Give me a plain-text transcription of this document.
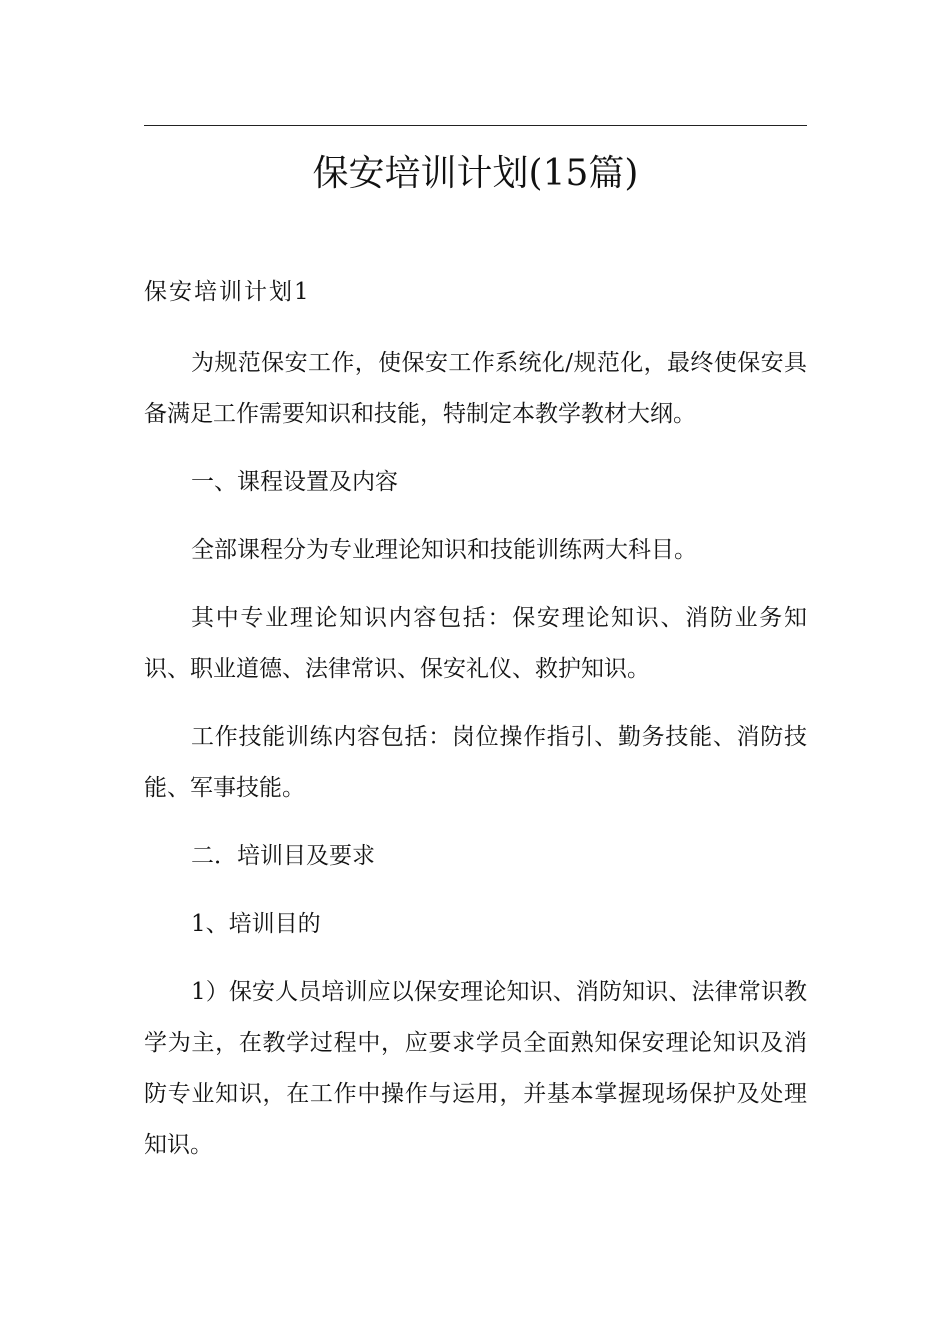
保安培训计划(15篇)
保安培训计划1

为规范保安工作，使保安工作系统化/规范化，最终使保安具备满足工作需要知识和技能，特制定本教学教材大纲。

一、课程设置及内容

全部课程分为专业理论知识和技能训练两大科目。

其中专业理论知识内容包括：保安理论知识、消防业务知识、职业道德、法律常识、保安礼仪、救护知识。

工作技能训练内容包括：岗位操作指引、勤务技能、消防技能、军事技能。

二．培训目及要求

1、培训目的

1）保安人员培训应以保安理论知识、消防知识、法律常识教学为主，在教学过程中，应要求学员全面熟知保安理论知识及消防专业知识，在工作中操作与运用，并基本掌握现场保护及处理知识。
